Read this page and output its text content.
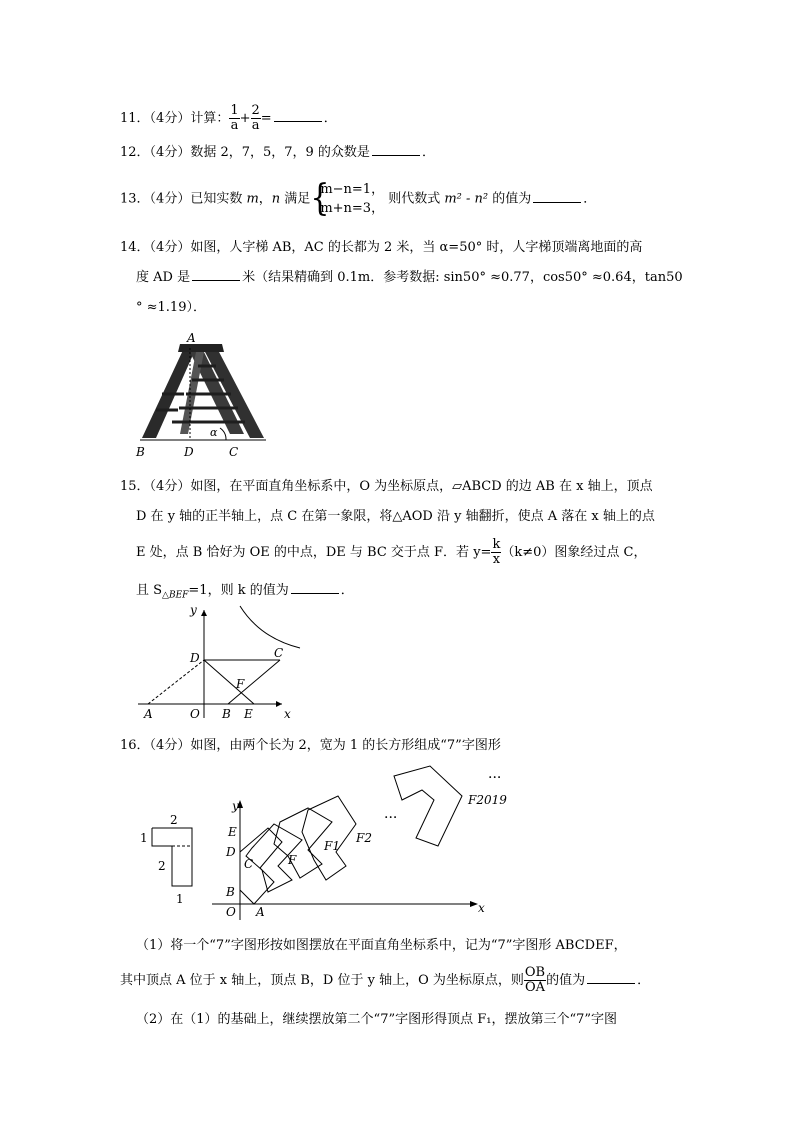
11．（4分）计算： $\frac{1}{a} + \frac{2}{a}$ =	．
12．（4分）数据 2，7，5，7，9 的众数是	．
13．（4分）已知实数 m，n 满足 {
m−n=1，
m+n=3，
则代数式 m² - n² 的值为	．
14．（4分）如图，人字梯 AB，AC 的长都为 2 米，当 α=50° 时，人字梯顶端离地面的高
度 AD 是	米（结果精确到 0.1m．参考数据: sin50° ≈0.77，cos50° ≈0.64，tan50
° ≈1.19）．
A
B	D	C
α
15．（4分）如图，在平面直角坐标系中，O 为坐标原点，▱ABCD 的边 AB 在 x 轴上，顶点
D 在 y 轴的正半轴上，点 C 在第一象限，将△AOD 沿 y 轴翻折，使点 A 落在 x 轴上的点
E 处，点 B 恰好为 OE 的中点，DE 与 BC 交于点 F．若 $y= \frac{k}{x} (k\ne 0)$图象经过点 C，
且 $S_{\triangle BEF}=1$，则 k 的值为	．
y
D	C
F
A	O B E	x
16．（4分）如图，由两个长为 2，宽为 1 的长方形组成“7”字图形
2
1
2
1
y
E
D
C
B
O A
F
F1
F2
···
F2019
···
x
（1）将一个“7”字图形按如图摆放在平面直角坐标系中，记为“7”字图形 ABCDEF，
其中顶点 A 位于 x 轴上，顶点 B，D 位于 y 轴上，O 为坐标原点，则 $\frac{OB}{OA}$ 的值为	．
（2）在（1）的基础上，继续摆放第二个“7”字图形得顶点 F₁，摆放第三个“7”字图
